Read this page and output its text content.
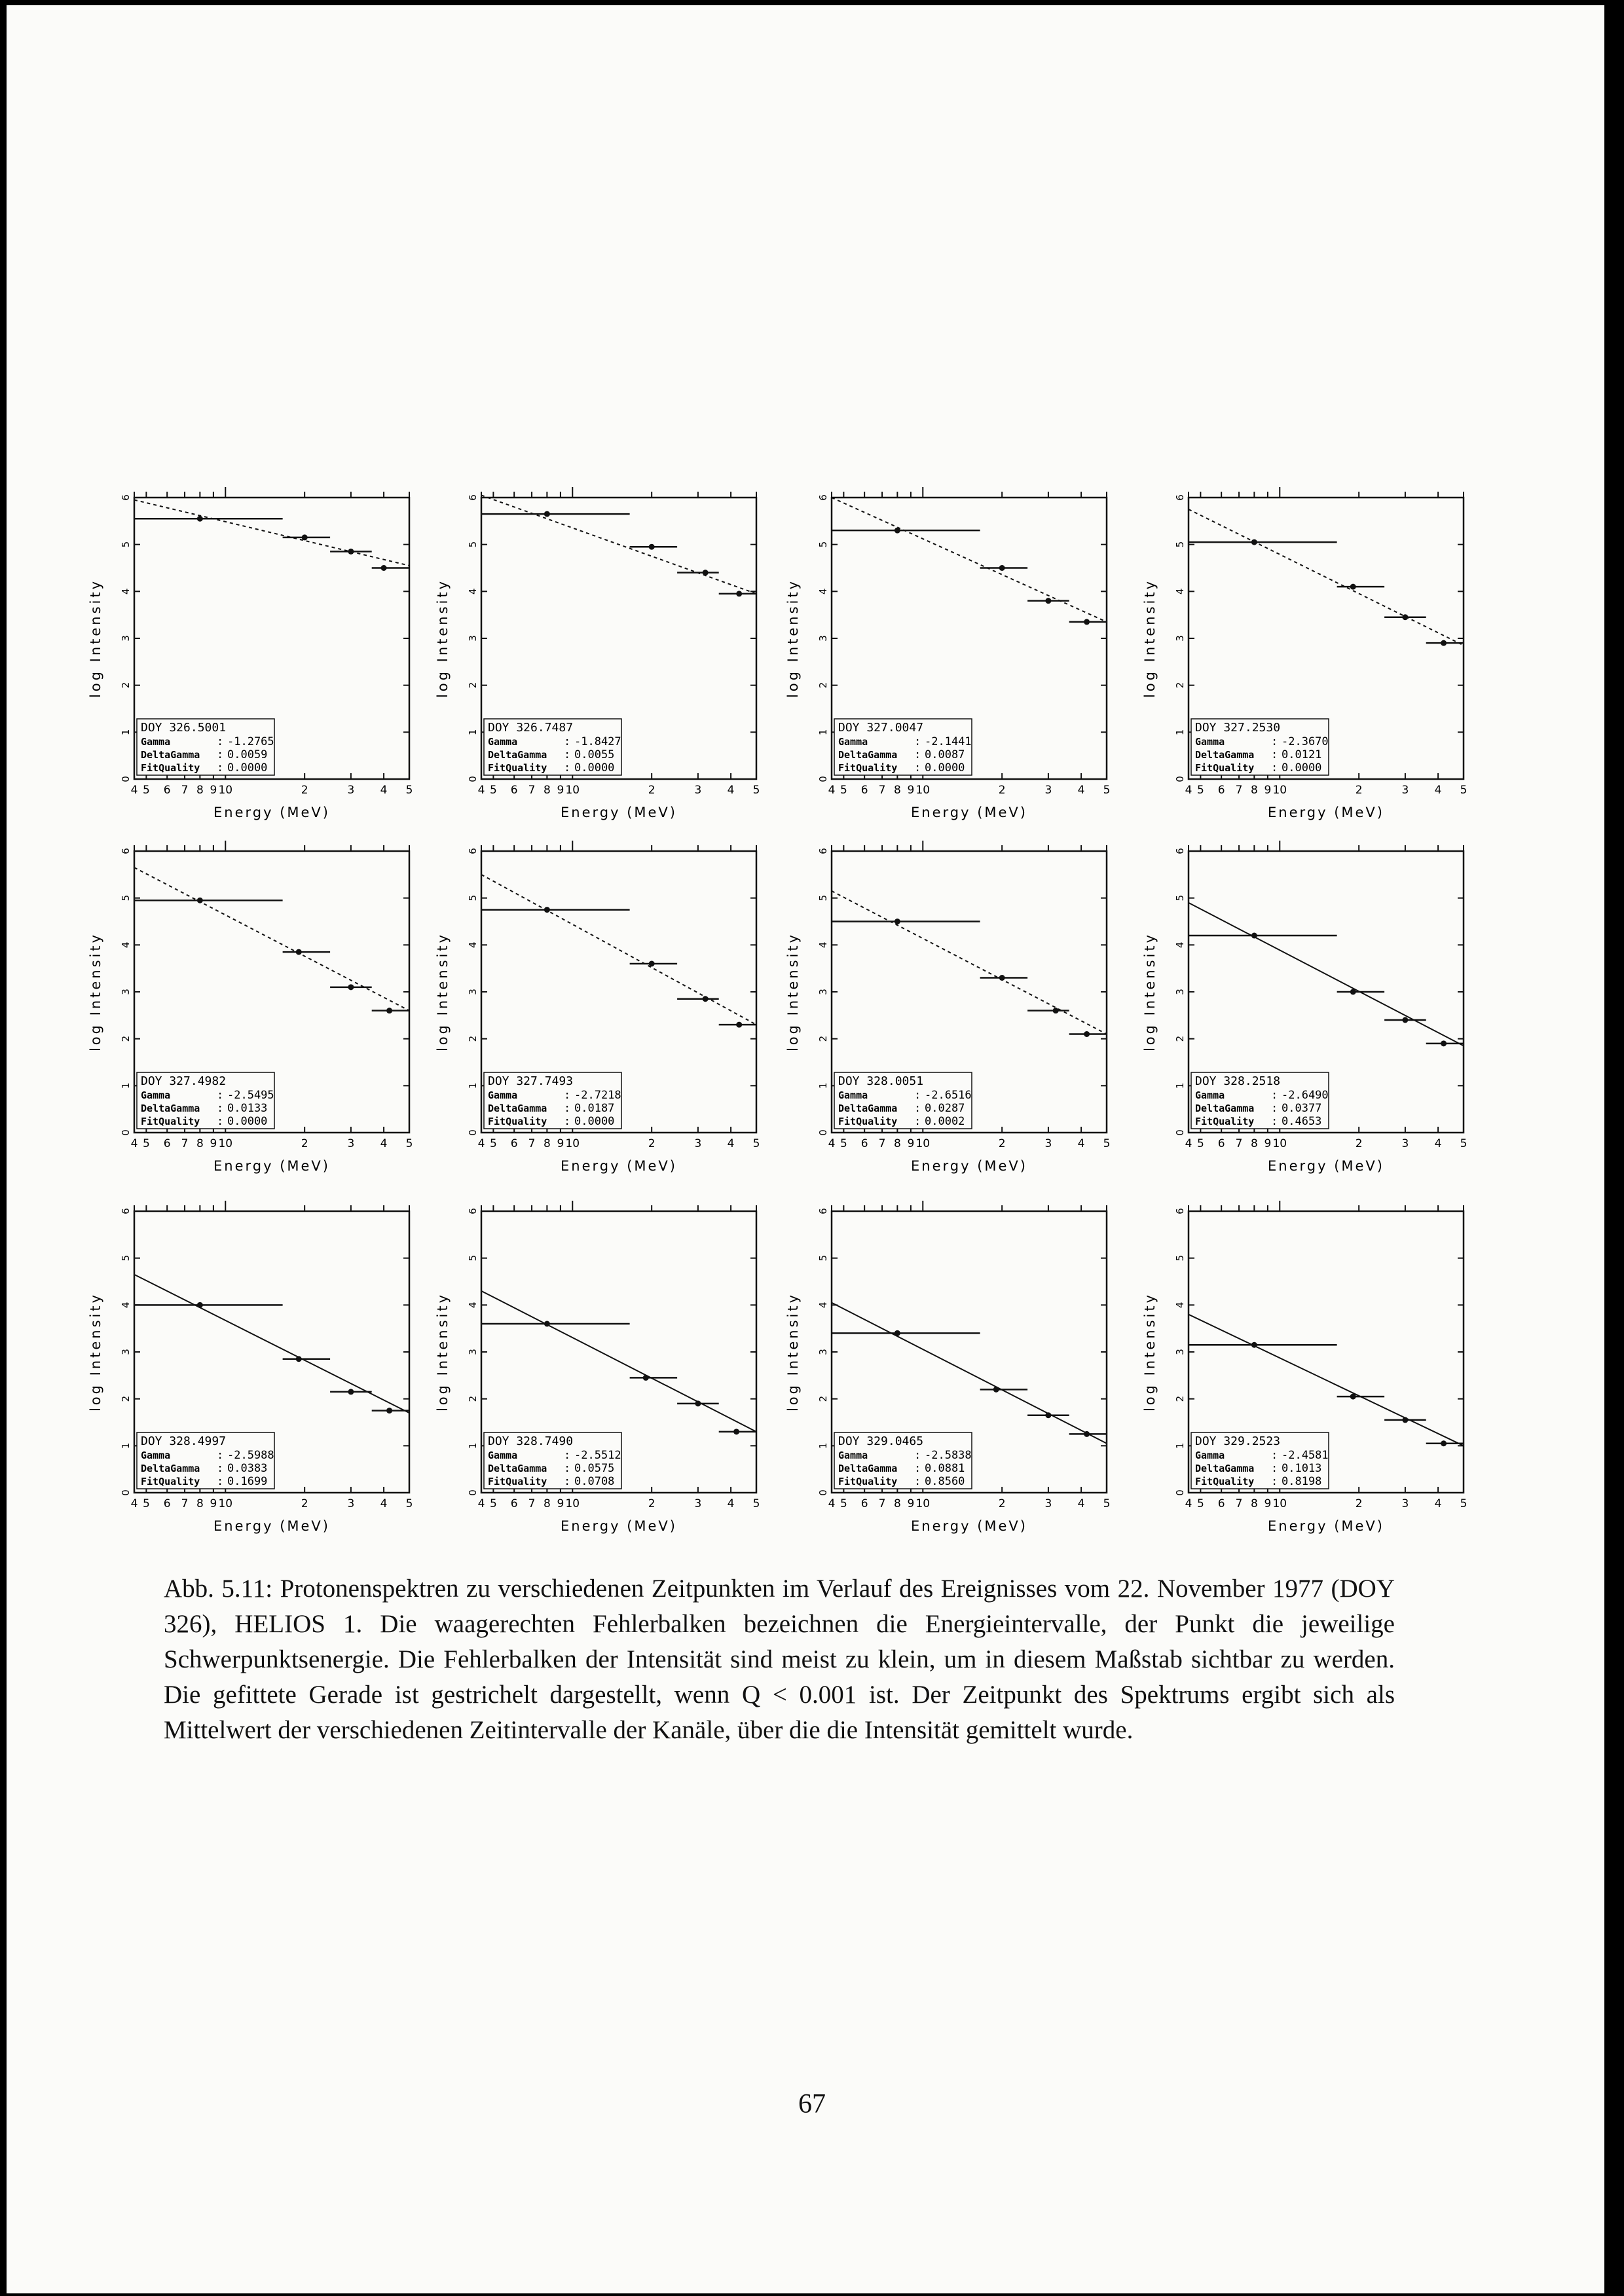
0
1
2
3
4
5
6
4 5 6 7 8 9 10	2	3 4 5
Energy (MeV)
log Intensity
DOY 326.5001
Gamma	: -1.2765
DeltaGamma : 0.0059
FitQuality : 0.0000
0
1
2
3
4
5
6
4 5 6 7 8 9 10	2	3 4 5
Energy (MeV)
log Intensity
DOY 326.7487
Gamma	: -1.8427
DeltaGamma : 0.0055
FitQuality : 0.0000
0
1
2
3
4
5
6
4 5 6 7 8 9 10	2	3 4 5
Energy (MeV)
log Intensity
DOY 327.0047
Gamma	: -2.1441
DeltaGamma : 0.0087
FitQuality : 0.0000
0
1
2
3
4
5
6
4 5 6 7 8 9 10	2	3 4 5
Energy (MeV)
log Intensity
DOY 327.2530
Gamma	: -2.3670
DeltaGamma : 0.0121
FitQuality : 0.0000
0
1
2
3
4
5
6
4 5 6 7 8 9 10	2	3 4 5
Energy (MeV)
log Intensity
DOY 327.4982
Gamma	: -2.5495
DeltaGamma : 0.0133
FitQuality : 0.0000
0
1
2
3
4
5
6
4 5 6 7 8 9 10	2	3 4 5
Energy (MeV)
log Intensity
DOY 327.7493
Gamma	: -2.7218
DeltaGamma : 0.0187
FitQuality : 0.0000
0
1
2
3
4
5
6
4 5 6 7 8 9 10	2	3 4 5
Energy (MeV)
log Intensity
DOY 328.0051
Gamma	: -2.6516
DeltaGamma : 0.0287
FitQuality : 0.0002
0
1
2
3
4
5
6
4 5 6 7 8 9 10	2	3 4 5
Energy (MeV)
log Intensity
DOY 328.2518
Gamma	: -2.6490
DeltaGamma : 0.0377
FitQuality : 0.4653
0
1
2
3
4
5
6
4 5 6 7 8 9 10	2	3 4 5
Energy (MeV)
log Intensity
DOY 328.4997
Gamma	: -2.5988
DeltaGamma : 0.0383
FitQuality : 0.1699
0
1
2
3
4
5
6
4 5 6 7 8 9 10	2	3 4 5
Energy (MeV)
log Intensity
DOY 328.7490
Gamma	: -2.5512
DeltaGamma : 0.0575
FitQuality : 0.0708
0
1
2
3
4
5
6
4 5 6 7 8 9 10	2	3 4 5
Energy (MeV)
log Intensity
DOY 329.0465
Gamma	: -2.5838
DeltaGamma : 0.0881
FitQuality : 0.8560
0
1
2
3
4
5
6
4 5 6 7 8 9 10	2	3 4 5
Energy (MeV)
log Intensity
DOY 329.2523
Gamma	: -2.4581
DeltaGamma : 0.1013
FitQuality : 0.8198
Abb. 5.11: Protonenspektren zu verschiedenen Zeitpunkten im Verlauf des Ereignisses vom 22. November 1977 (DOY 326), HELIOS 1. Die waagerechten Fehlerbalken bezeichnen die Energieintervalle, der Punkt die jeweilige Schwerpunktsenergie. Die Fehlerbalken der Intensität sind meist zu klein, um in diesem Maßstab sichtbar zu werden. Die gefittete Gerade ist gestrichelt dargestellt, wenn Q < 0.001 ist. Der Zeitpunkt des Spektrums ergibt sich als Mittelwert der verschiedenen Zeitintervalle der Kanäle, über die die Intensität gemittelt wurde.
67
